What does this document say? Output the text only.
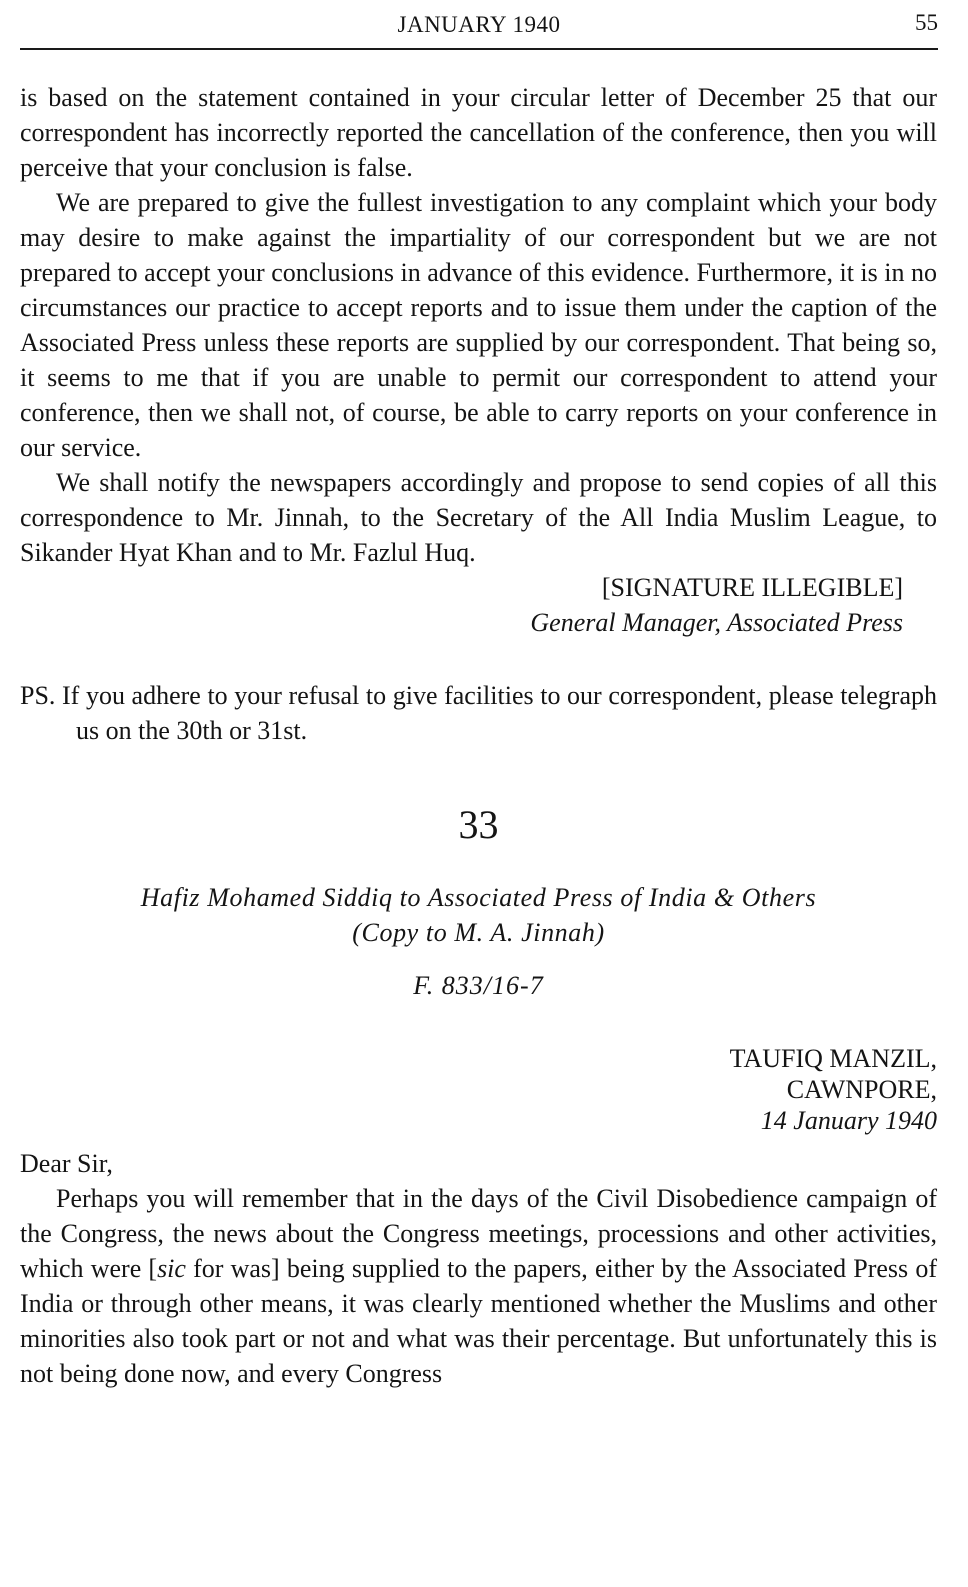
JANUARY 1940	55

is based on the statement contained in your circular letter of December 25 that our correspondent has incorrectly reported the cancellation of the conference, then you will perceive that your conclusion is false.

We are prepared to give the fullest investigation to any complaint which your body may desire to make against the impartiality of our correspondent but we are not prepared to accept your conclusions in advance of this evidence. Furthermore, it is in no circumstances our practice to accept reports and to issue them under the caption of the Associated Press unless these reports are supplied by our correspondent. That being so, it seems to me that if you are unable to permit our correspondent to attend your conference, then we shall not, of course, be able to carry reports on your conference in our service.

We shall notify the newspapers accordingly and propose to send copies of all this correspondence to Mr. Jinnah, to the Secretary of the All India Muslim League, to Sikander Hyat Khan and to Mr. Fazlul Huq.

[SIGNATURE ILLEGIBLE]
General Manager, Associated Press

PS. If you adhere to your refusal to give facilities to our correspondent, please telegraph us on the 30th or 31st.

33
Hafiz Mohamed Siddiq to Associated Press of India & Others
(Copy to M. A. Jinnah)
F. 833/16-7
TAUFIQ MANZIL,
CAWNPORE,
14 January 1940
Dear Sir,

Perhaps you will remember that in the days of the Civil Disobedience campaign of the Congress, the news about the Congress meetings, processions and other activities, which were [sic for was] being supplied to the papers, either by the Associated Press of India or through other means, it was clearly mentioned whether the Muslims and other minorities also took part or not and what was their percentage. But unfortunately this is not being done now, and every Congress
